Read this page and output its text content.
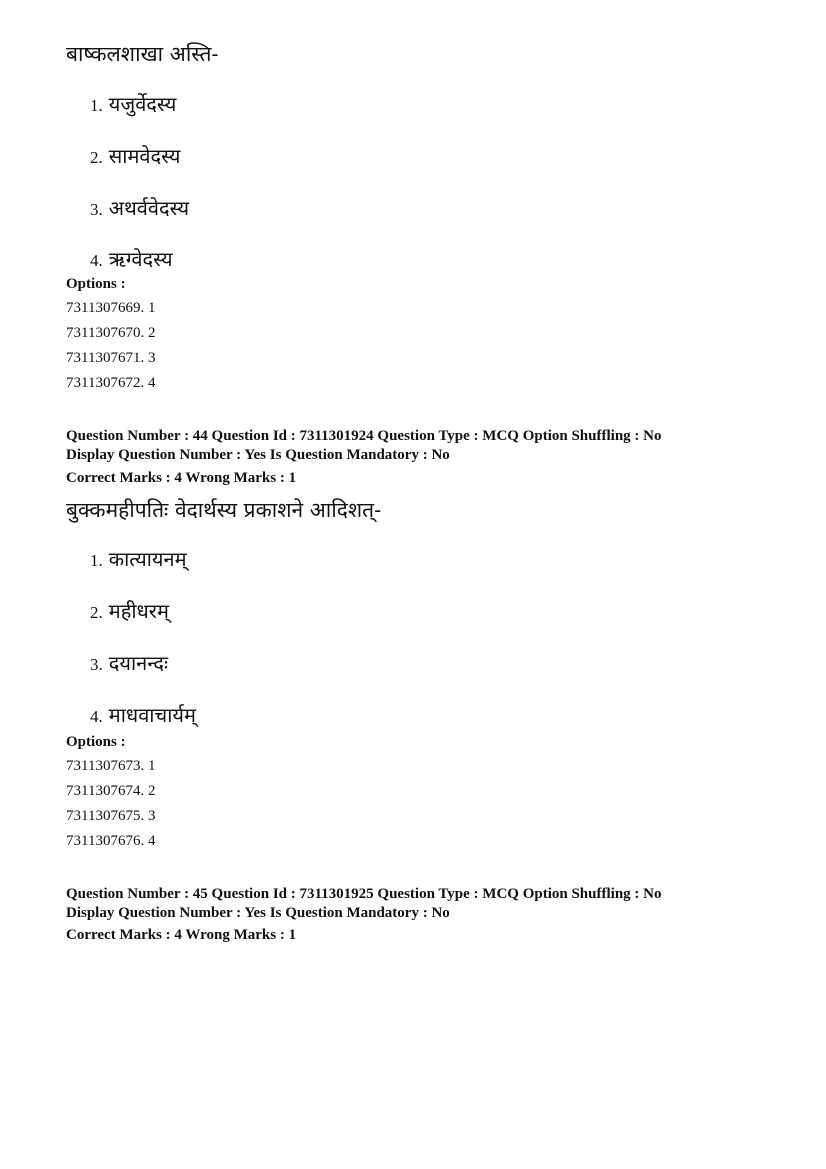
बाष्कलशाखा अस्ति-
1. यजुर्वेदस्य
2. सामवेदस्य
3. अथर्ववेदस्य
4. ऋग्वेदस्य
Options :
7311307669. 1
7311307670. 2
7311307671. 3
7311307672. 4
Question Number : 44 Question Id : 7311301924 Question Type : MCQ Option Shuffling : No
Display Question Number : Yes Is Question Mandatory : No
Correct Marks : 4 Wrong Marks : 1
बुक्कमहीपतिः वेदार्थस्य प्रकाशने आदिशत्-
1. कात्यायनम्
2. महीधरम्
3. दयानन्दः
4. माधवाचार्यम्
Options :
7311307673. 1
7311307674. 2
7311307675. 3
7311307676. 4
Question Number : 45 Question Id : 7311301925 Question Type : MCQ Option Shuffling : No
Display Question Number : Yes Is Question Mandatory : No
Correct Marks : 4 Wrong Marks : 1
